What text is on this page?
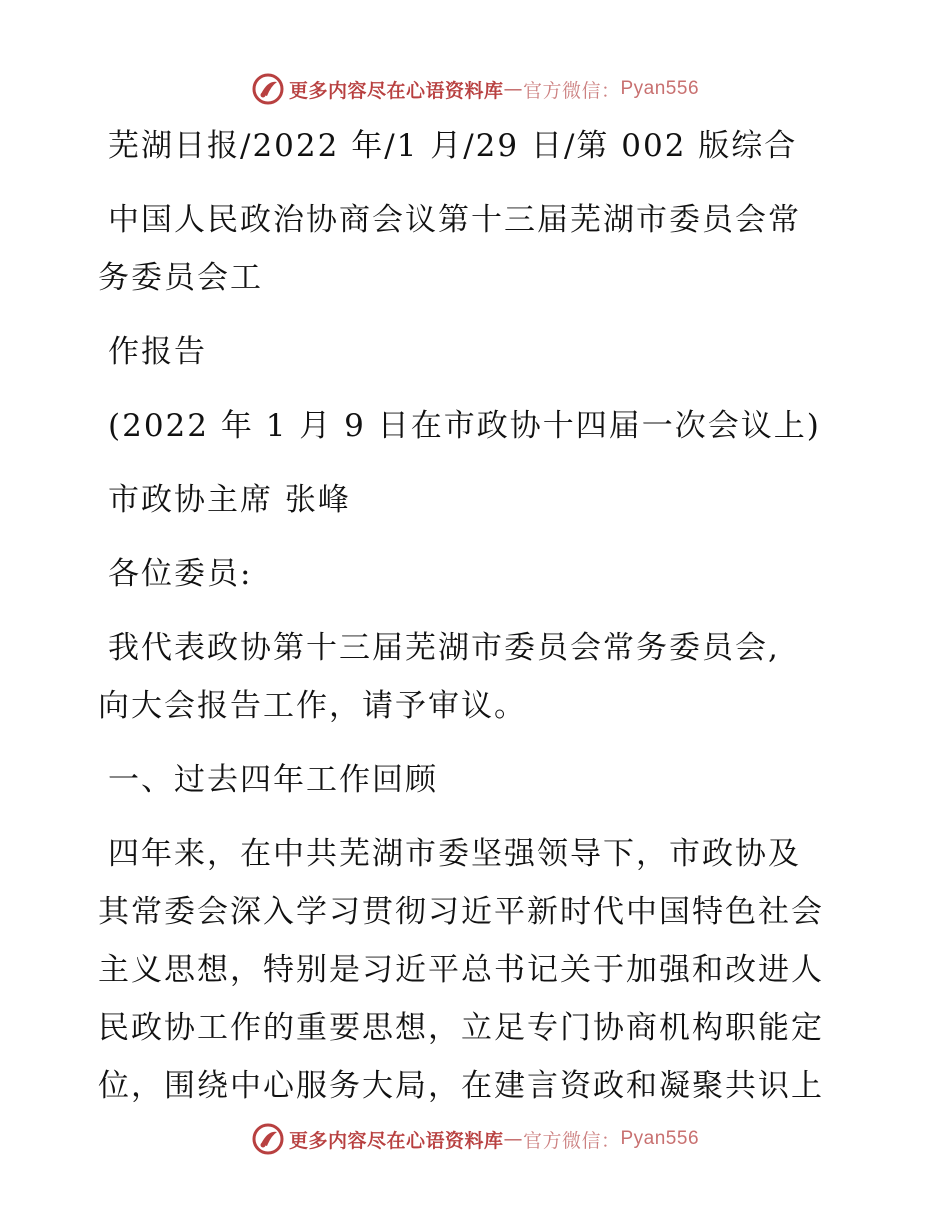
更多内容尽在心语资料库 — 官方微信： Pyan556
芜湖日报/2022 年/1 月/29 日/第 002 版综合
中国人民政治协商会议第十三届芜湖市委员会常
务委员会工
作报告
(2022 年 1 月 9 日在市政协十四届一次会议上)
市政协主席 张峰
各位委员:
我代表政协第十三届芜湖市委员会常务委员会,
向大会报告工作，请予审议。
一、过去四年工作回顾
四年来，在中共芜湖市委坚强领导下，市政协及
其常委会深入学习贯彻习近平新时代中国特色社会
主义思想，特别是习近平总书记关于加强和改进人
民政协工作的重要思想，立足专门协商机构职能定
位，围绕中心服务大局，在建言资政和凝聚共识上
更多内容尽在心语资料库 — 官方微信： Pyan556
